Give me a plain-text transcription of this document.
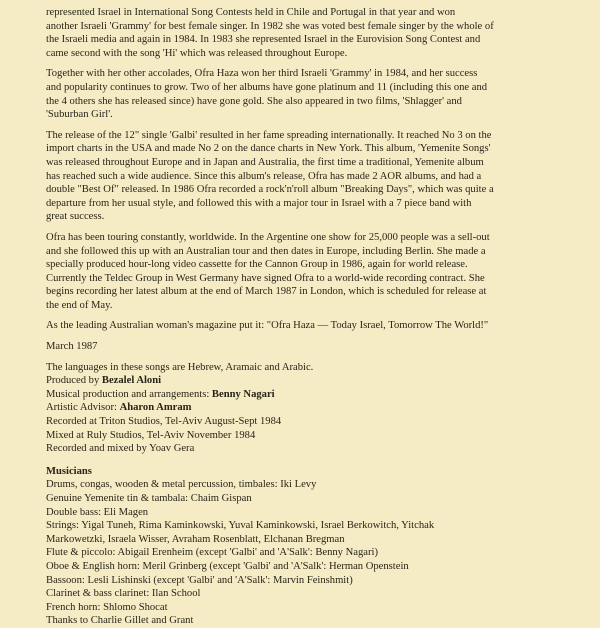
represented Israel in International Song Contests held in Chile and Portugal in that year and won
another Israeli 'Grammy' for best female singer. In 1982 she was voted best female singer by the whole of
the Israeli media and again in 1984. In 1983 she represented Israel in the Eurovision Song Contest and
came second with the song 'Hi' which was released throughout Europe.
Together with her other accolades, Ofra Haza won her third Israeli 'Grammy' in 1984, and her success
and popularity continues to grow. Two of her albums have gone platinum and 11 (including this one and
the 4 others she has released since) have gone gold. She also appeared in two films, 'Shlagger' and
'Suburban Girl'.
The release of the 12" single 'Galbi' resulted in her fame spreading internationally. It reached No 3 on the
import charts in the USA and made No 2 on the dance charts in New York. This album, 'Yemenite Songs'
was released throughout Europe and in Japan and Australia, the first time a traditional, Yemenite album
has reached such a wide audience. Since this album's release, Ofra has made 2 AOR albums, and had a
double "Best Of" released. In 1986 Ofra recorded a rock'n'roll album "Breaking Days", which was quite a
departure from her usual style, and followed this with a major tour in Israel with a 7 piece band with
great success.
Ofra has been touring constantly, worldwide. In the Argentine one show for 25,000 people was a sell-out
and she followed this up with an Australian tour and then dates in Europe, including Berlin. She made a
specially produced hour-long video cassette for the Cannon Group in 1986, again for world release.
Currently the Teldec Group in West Germany have signed Ofra to a world-wide recording contract. She
begins recording her latest album at the end of March 1987 in London, which is scheduled for release at
the end of May.
As the leading Australian woman's magazine put it: "Ofra Haza — Today Israel, Tomorrow The World!"
March 1987
The languages in these songs are Hebrew, Aramaic and Arabic.
Produced by Bezalel Aloni
Musical production and arrangements: Benny Nagari
Artistic Advisor: Aharon Amram
Recorded at Triton Studios, Tel-Aviv August-Sept 1984
Mixed at Ruly Studios, Tel-Aviv November 1984
Recorded and mixed by Yoav Gera
Musicians
Drums, congas, wooden & metal percussion, timbales: Iki Levy
Genuine Yemenite tin & tambala: Chaim Gispan
Double bass: Eli Magen
Strings: Yigal Tuneh, Rima Kaminkowski, Yuval Kaminkowski, Israel Berkowitch, Yitchak
Markowetzki, Israela Wisser, Avraham Rosenblatt, Elchanan Bregman
Flute & piccolo: Abigail Erenheim (except 'Galbi' and 'A'Salk': Benny Nagari)
Oboe & English horn: Meril Grinberg (except 'Galbi' and 'A'Salk': Herman Openstein
Bassoon: Lesli Lishinski (except 'Galbi' and 'A'Salk': Marvin Feinshmit)
Clarinet & bass clarinet: Ilan School
French horn: Shlomo Shocat
Thanks to Charlie Gillet and Grant
